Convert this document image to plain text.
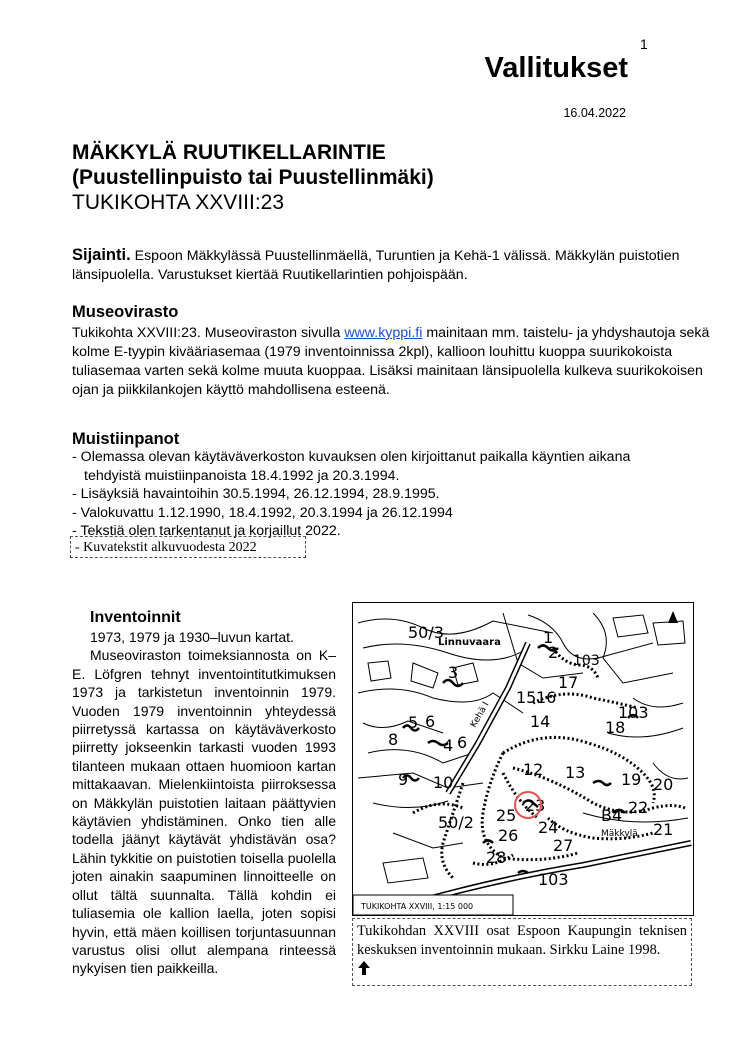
1
Vallitukset
16.04.2022
MÄKKYLÄ RUUTIKELLARINTIE
(Puustellinpuisto tai Puustellinmäki)
TUKIKOHTA XXVIII:23
Sijainti. Espoon Mäkkylässä Puustellinmäellä, Turuntien ja Kehä-1 välissä. Mäkkylän puistotien länsipuolella. Varustukset kiertää Ruutikellarintien pohjoispään.
Museovirasto
Tukikohta XXVIII:23. Museoviraston sivulla www.kyppi.fi mainitaan mm. taistelu- ja yhdyshautoja sekä kolme E-tyypin kivääriasemaa (1979 inventoinnissa 2kpl), kallioon louhittu kuoppa suurikokoista tuliasemaa varten sekä kolme muuta kuoppaa. Lisäksi mainitaan länsipuolella kulkeva suurikokoisen ojan ja piikkilankojen käyttö mahdollisena esteenä.
Muistiinpanot
- Olemassa olevan käytäväverkoston kuvauksen olen kirjoittanut paikalla käyntien aikana
tehdyistä muistiinpanoista 18.4.1992 ja 20.3.1994.
- Lisäyksiä havaintoihin 30.5.1994, 26.12.1994, 28.9.1995.
- Valokuvattu 1.12.1990, 18.4.1992, 20.3.1994 ja 26.12.1994
- Tekstiä olen tarkentanut ja korjaillut 2022.
- Kuvatekstit alkuvuodesta 2022
Inventoinnit

1973, 1979 ja 1930–luvun kartat.

Museoviraston toimeksiannosta on K–E. Löfgren tehnyt inventointitutkimuksen 1973 ja tarkistetun inventoinnin 1979. Vuoden 1979 inventoinnin yhteydessä piirretyssä kartassa on käytäväverkosto piirretty jokseenkin tarkasti vuoden 1993 tilanteen mukaan ottaen huomioon kartan mittakaavan. Mielenkiintoista piirroksessa on Mäkkylän puistotien laitaan päättyvien käytävien yhdistäminen. Onko tien alle todella jäänyt käytävät yhdistävän osa? Lähin tykkitie on puistotien toisella puolella joten ainakin saapuminen linnoitteelle on ollut tältä suunnalta. Tällä kohdin ei tuliasemia ole kallion laella, joten sopisi hyvin, että mäen koillisen torjuntasuunnan varustus olisi ollut alempana rinteessä nykyisen tien paikkeilla.

50/3	1
2 103
3
17
15 16
103
6	14	18
5
8	4 6
13
12
19 20
9 10
23
B4 22
50/2 25
24	21
26
27
28
103
Linnuvaara
Kehä I
Mäkkylä
TUKIKOHTA XXVIII, 1:15 000
Tukikohdan XXVIII osat Espoon Kaupungin teknisen keskuksen inventoinnin mukaan. Sirkku Laine 1998.
